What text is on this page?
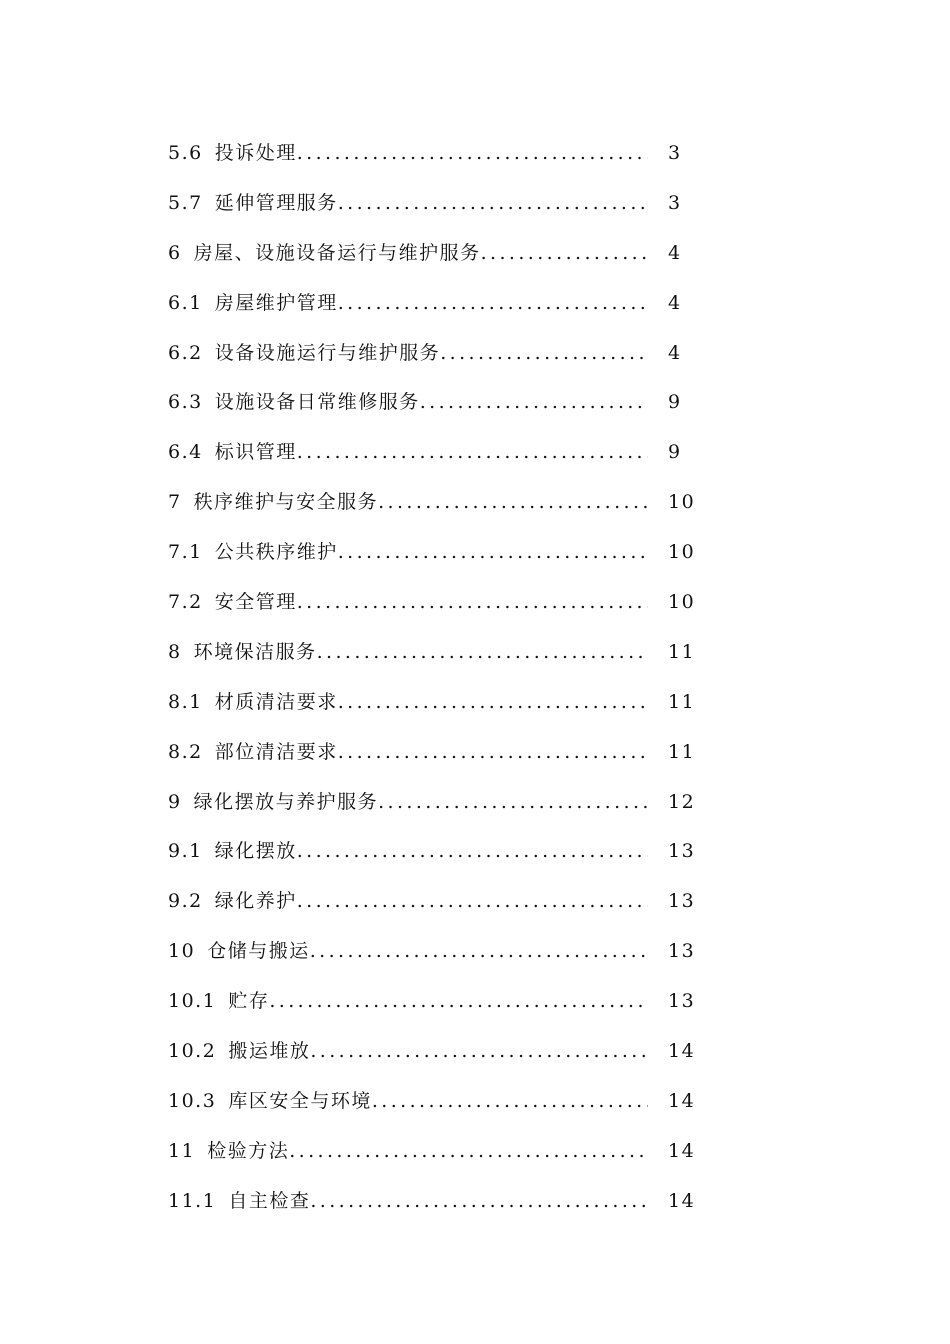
5.6 投诉处理 .....	3
5.7 延伸管理服务 .....	3
6 房屋、设施设备运行与维护服务 .....	4
6.1 房屋维护管理 .....	4
6.2 设备设施运行与维护服务 .....	4
6.3 设施设备日常维修服务 .....	9
6.4 标识管理 .....	9
7 秩序维护与安全服务 .....	10
7.1 公共秩序维护 .....	10
7.2 安全管理 .....	10
8 环境保洁服务 .....	11
8.1 材质清洁要求 .....	11
8.2 部位清洁要求 .....	11
9 绿化摆放与养护服务 .....	12
9.1 绿化摆放 .....	13
9.2 绿化养护 .....	13
10 仓储与搬运 .....	13
10.1 贮存 .....	13
10.2 搬运堆放 .....	14
10.3 库区安全与环境 .....	14
11 检验方法 .....	14
11.1 自主检查 .....	14
